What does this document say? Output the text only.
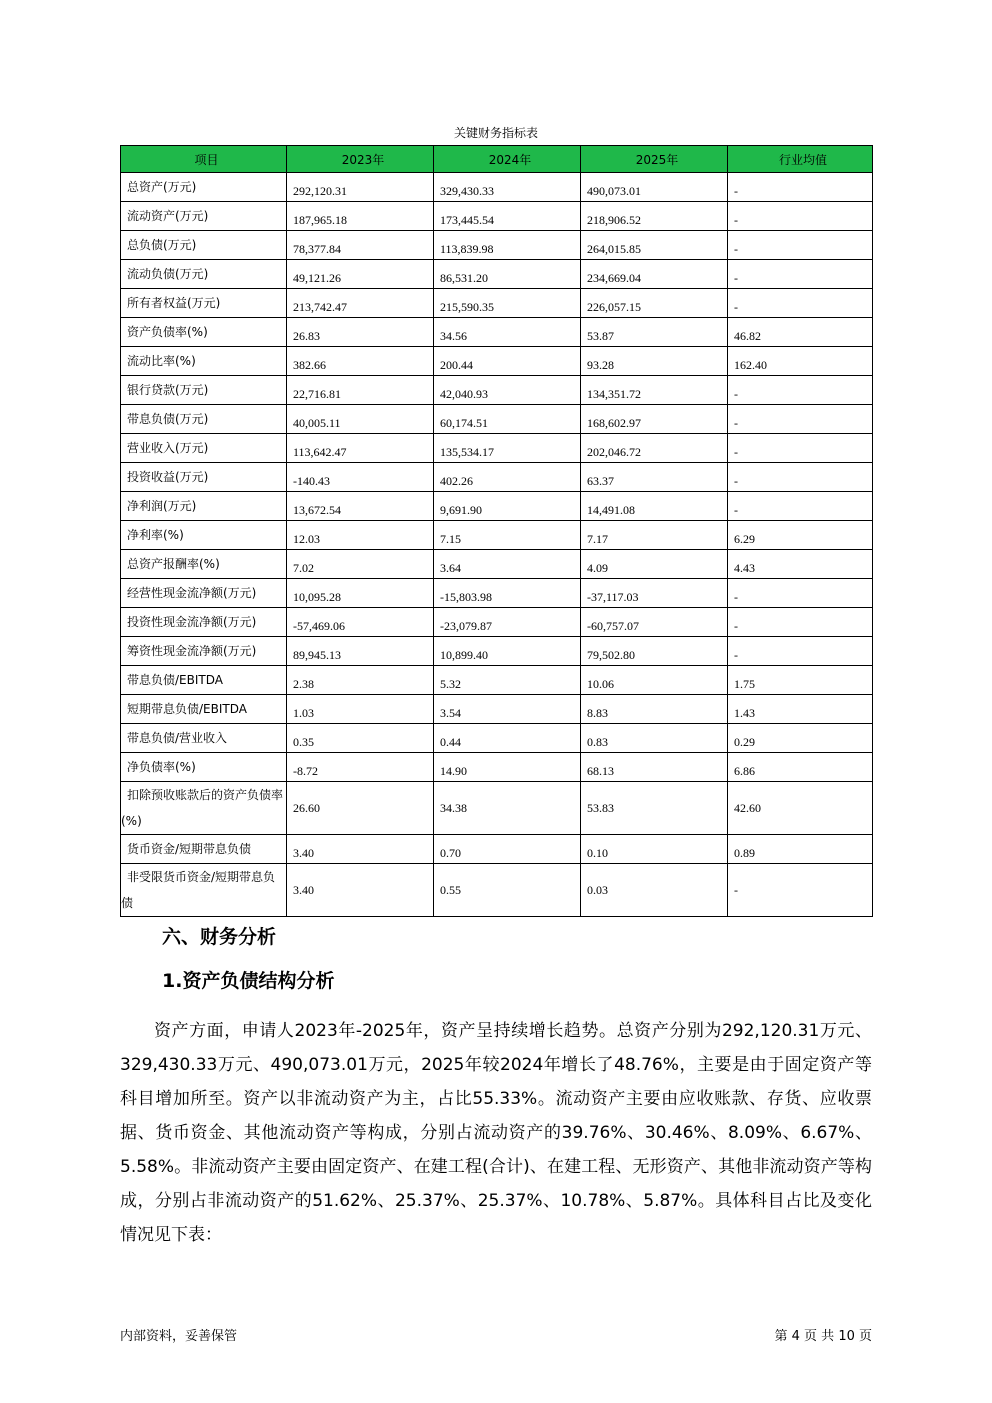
关键财务指标表
项目	2023年	2024年	2025年	行业均值
总资产(万元)	292,120.31	329,430.33	490,073.01	-
流动资产(万元)	187,965.18	173,445.54	218,906.52	-
总负债(万元)	78,377.84	113,839.98	264,015.85	-
流动负债(万元)	49,121.26	86,531.20	234,669.04	-
所有者权益(万元)	213,742.47	215,590.35	226,057.15	-
资产负债率(%)	26.83	34.56	53.87	46.82
流动比率(%)	382.66	200.44	93.28	162.40
银行贷款(万元)	22,716.81	42,040.93	134,351.72	-
带息负债(万元)	40,005.11	60,174.51	168,602.97	-
营业收入(万元)	113,642.47	135,534.17	202,046.72	-
投资收益(万元)	-140.43	402.26	63.37	-
净利润(万元)	13,672.54	9,691.90	14,491.08	-
净利率(%)	12.03	7.15	7.17	6.29
总资产报酬率(%)	7.02	3.64	4.09	4.43
经营性现金流净额(万元)	10,095.28	-15,803.98	-37,117.03	-
投资性现金流净额(万元)	-57,469.06	-23,079.87	-60,757.07	-
筹资性现金流净额(万元)	89,945.13	10,899.40	79,502.80	-
带息负债/EBITDA	2.38	5.32	10.06	1.75
短期带息负债/EBITDA	1.03	3.54	8.83	1.43
带息负债/营业收入	0.35	0.44	0.83	0.29
净负债率(%)	-8.72	14.90	68.13	6.86
扣除预收账款后的资产负债率(%)	26.60	34.38	53.83	42.60
货币资金/短期带息负债	3.40	0.70	0.10	0.89
非受限货币资金/短期带息负债	3.40	0.55	0.03	-
六、财务分析
1.资产负债结构分析
资产方面，申请人2023年-2025年，资产呈持续增长趋势。总资产分别为292,120.31万元、329,430.33万元、490,073.01万元，2025年较2024年增长了48.76%，主要是由于固定资产等科目增加所至。资产以非流动资产为主，占比55.33%。流动资产主要由应收账款、存货、应收票据、货币资金、其他流动资产等构成，分别占流动资产的39.76%、30.46%、8.09%、6.67%、5.58%。非流动资产主要由固定资产、在建工程(合计)、在建工程、无形资产、其他非流动资产等构成，分别占非流动资产的51.62%、25.37%、25.37%、10.78%、5.87%。具体科目占比及变化情况见下表：
内部资料，妥善保管	第 4 页 共 10 页
